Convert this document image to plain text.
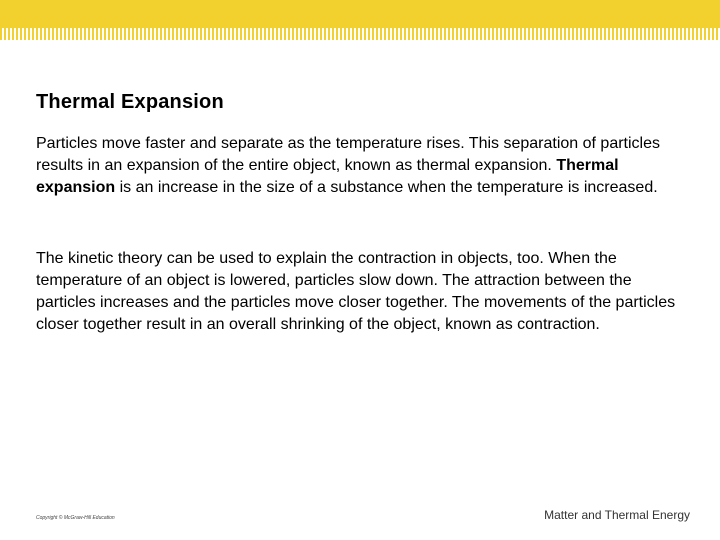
Thermal Expansion

Particles move faster and separate as the temperature rises. This separation of particles results in an expansion of the entire object, known as thermal expansion. Thermal expansion is an increase in the size of a substance when the temperature is increased.

The kinetic theory can be used to explain the contraction in objects, too. When the temperature of an object is lowered, particles slow down. The attraction between the particles increases and the particles move closer together. The movements of the particles closer together result in an overall shrinking of the object, known as contraction.

Copyright © McGraw-Hill Education	Matter and Thermal Energy
